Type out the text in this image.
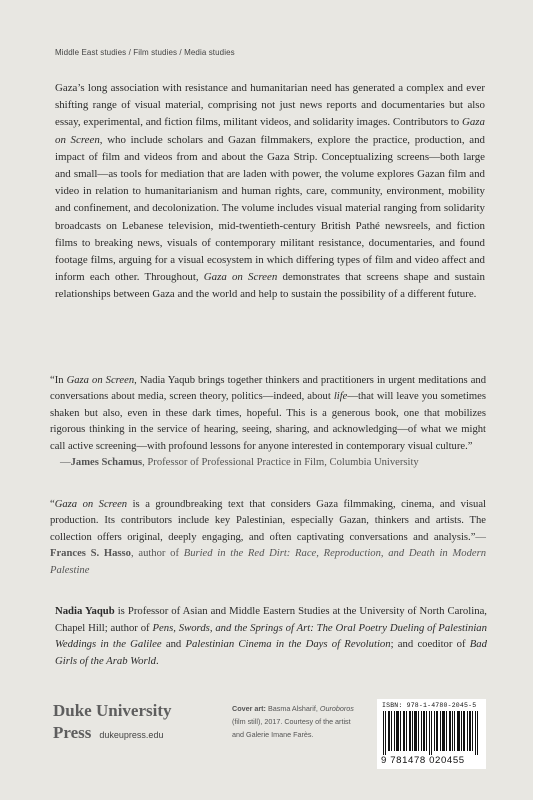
Middle East studies / Film studies / Media studies

Gaza’s long association with resistance and humanitarian need has generated a complex and ever shifting range of visual material, comprising not just news reports and documentaries but also essay, experimental, and fiction films, militant videos, and solidarity images. Contributors to Gaza on Screen, who include scholars and Gazan filmmakers, explore the practice, production, and impact of film and videos from and about the Gaza Strip. Conceptualizing screens—both large and small—as tools for mediation that are laden with power, the volume explores Gazan film and video in relation to humanitarianism and human rights, care, community, environment, mobility and confinement, and decolonization. The volume includes visual material ranging from solidarity broadcasts on Lebanese television, mid-twentieth-century British Pathé newsreels, and fiction films to breaking news, visuals of contemporary militant resistance, documentaries, and found footage films, arguing for a visual ecosystem in which differing types of film and video affect and inform each other. Throughout, Gaza on Screen demonstrates that screens shape and sustain relationships between Gaza and the world and help to sustain the possibility of a different future.

“In Gaza on Screen, Nadia Yaqub brings together thinkers and practitioners in urgent meditations and conversations about media, screen theory, politics—indeed, about life—that will leave you sometimes shaken but also, even in these dark times, hopeful. This is a generous book, one that mobilizes rigorous thinking in the service of hearing, seeing, sharing, and acknowledging—of what we might call active screening—with profound lessons for anyone interested in contemporary visual culture.”
—James Schamus, Professor of Professional Practice in Film, Columbia University

“Gaza on Screen is a groundbreaking text that considers Gaza filmmaking, cinema, and visual production. Its contributors include key Palestinian, especially Gazan, thinkers and artists. The collection offers original, deeply engaging, and often captivating conversations and analysis.”—Frances S. Hasso, author of Buried in the Red Dirt: Race, Reproduction, and Death in Modern Palestine

Nadia Yaqub is Professor of Asian and Middle Eastern Studies at the University of North Carolina, Chapel Hill; author of Pens, Swords, and the Springs of Art: The Oral Poetry Dueling of Palestinian Weddings in the Galilee and Palestinian Cinema in the Days of Revolution; and coeditor of Bad Girls of the Arab World.

Duke University
Press dukeupress.edu
Cover art: Basma Alsharif, Ouroboros (film still), 2017. Courtesy of the artist and Galerie Imane Farès.
ISBN: 978-1-4780-2045-5
9 781478 020455
